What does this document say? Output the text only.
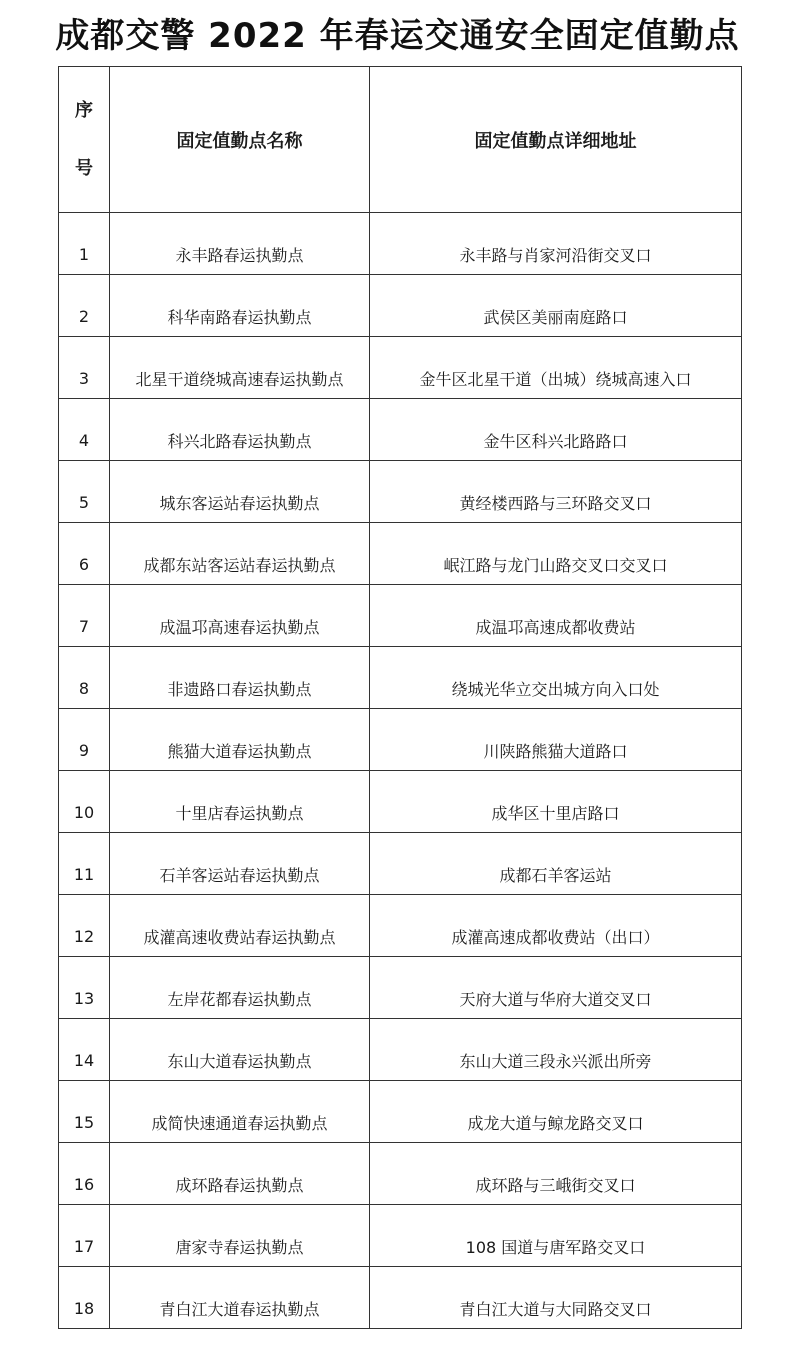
成都交警 2022 年春运交通安全固定值勤点
序
号	固定值勤点名称	固定值勤点详细地址
1	永丰路春运执勤点	永丰路与肖家河沿街交叉口
2	科华南路春运执勤点	武侯区美丽南庭路口
3	北星干道绕城高速春运执勤点	金牛区北星干道（出城）绕城高速入口
4	科兴北路春运执勤点	金牛区科兴北路路口
5	城东客运站春运执勤点	黄经楼西路与三环路交叉口
6	成都东站客运站春运执勤点	岷江路与龙门山路交叉口交叉口
7	成温邛高速春运执勤点	成温邛高速成都收费站
8	非遗路口春运执勤点	绕城光华立交出城方向入口处
9	熊猫大道春运执勤点	川陕路熊猫大道路口
10	十里店春运执勤点	成华区十里店路口
11	石羊客运站春运执勤点	成都石羊客运站
12	成灌高速收费站春运执勤点	成灌高速成都收费站（出口）
13	左岸花都春运执勤点	天府大道与华府大道交叉口
14	东山大道春运执勤点	东山大道三段永兴派出所旁
15	成简快速通道春运执勤点	成龙大道与鲸龙路交叉口
16	成环路春运执勤点	成环路与三峨街交叉口
17	唐家寺春运执勤点	108 国道与唐军路交叉口
18	青白江大道春运执勤点	青白江大道与大同路交叉口
